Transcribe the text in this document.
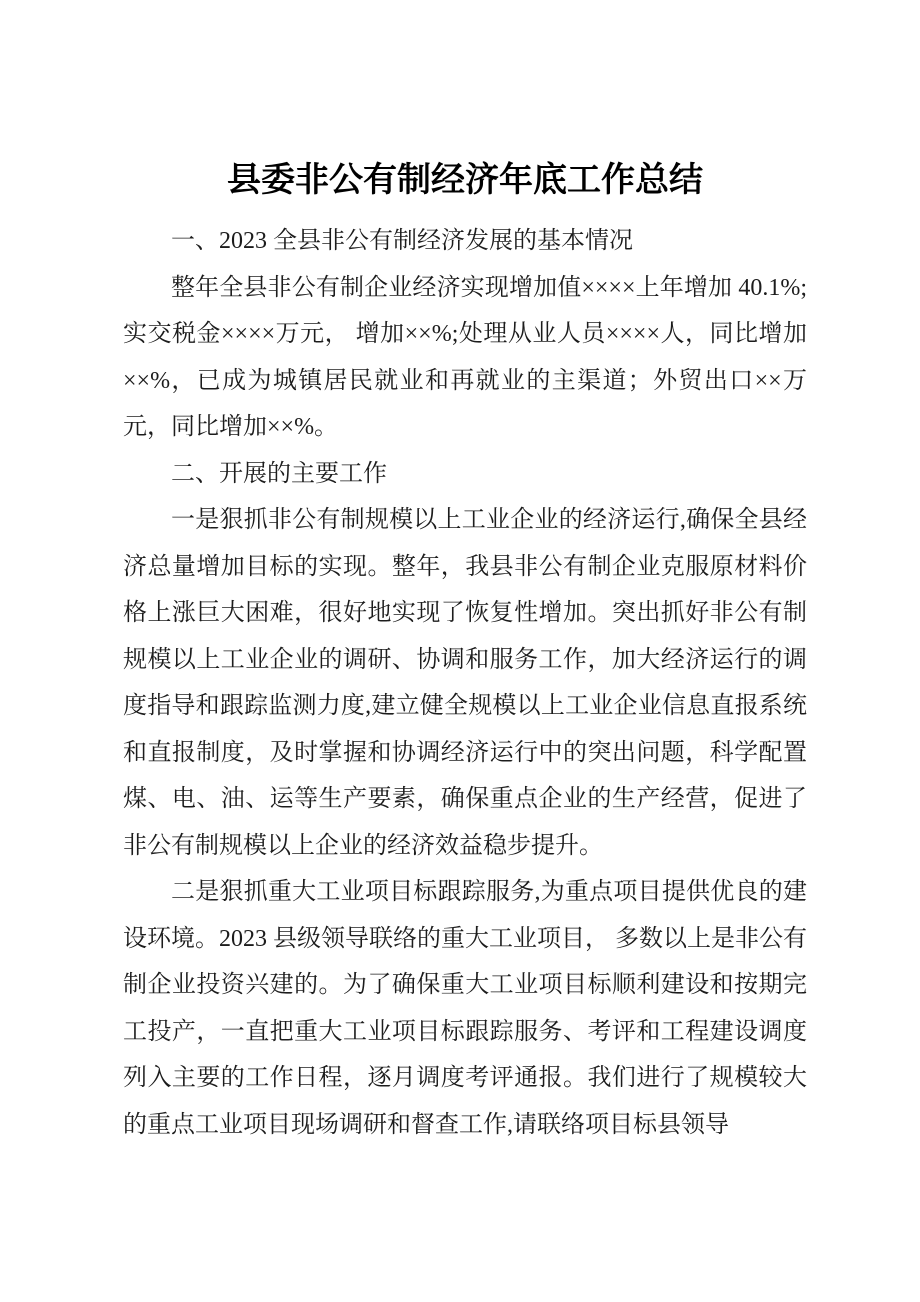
县委非公有制经济年底工作总结

一、2023 全县非公有制经济发展的基本情况

整年全县非公有制企业经济实现增加值××××上年增加 40.1%;实交税金××××万元， 增加××%;处理从业人员××××人，同比增加××%，已成为城镇居民就业和再就业的主渠道；外贸出口××万元，同比增加××%。

二、开展的主要工作

一是狠抓非公有制规模以上工业企业的经济运行,确保全县经济总量增加目标的实现。整年，我县非公有制企业克服原材料价格上涨巨大困难，很好地实现了恢复性增加。突出抓好非公有制规模以上工业企业的调研、协调和服务工作，加大经济运行的调度指导和跟踪监测力度,建立健全规模以上工业企业信息直报系统和直报制度，及时掌握和协调经济运行中的突出问题，科学配置煤、电、油、运等生产要素，确保重点企业的生产经营，促进了非公有制规模以上企业的经济效益稳步提升。

二是狠抓重大工业项目标跟踪服务,为重点项目提供优良的建设环境。2023 县级领导联络的重大工业项目， 多数以上是非公有制企业投资兴建的。为了确保重大工业项目标顺利建设和按期完工投产，一直把重大工业项目标跟踪服务、考评和工程建设调度列入主要的工作日程，逐月调度考评通报。我们进行了规模较大的重点工业项目现场调研和督查工作,请联络项目标县领导
